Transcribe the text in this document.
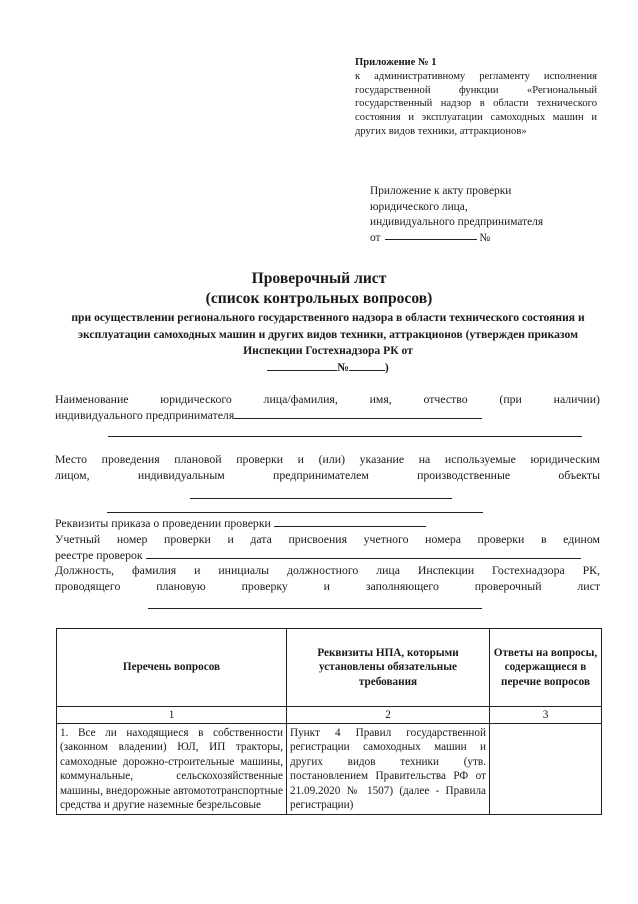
Приложение № 1
к административному регламенту исполнения государственной функции «Региональный государственный надзор в области технического состояния и эксплуатации самоходных машин и других видов техники, аттракционов»
Приложение к акту проверки
юридического лица,
индивидуального предпринимателя
от	№
Проверочный лист
(список контрольных вопросов)
при осуществлении регионального государственного надзора в области технического состояния и эксплуатации самоходных машин и других видов техники, аттракционов (утвержден приказом Инспекции Гостехнадзора РК от
№	)
Наименование юридического лица/фамилия, имя, отчество (при наличии)
индивидуального предпринимателя
Место проведения плановой проверки и (или) указание на используемые юридическим
лицом, индивидуальным предпринимателем производственные объекты
Реквизиты приказа о проведении проверки
Учетный номер проверки и дата присвоения учетного номера проверки в едином
реестре проверок
Должность, фамилия и инициалы должностного лица Инспекции Гостехнадзора РК,
проводящего плановую проверку и заполняющего проверочный лист
Перечень вопросов	Реквизиты НПА, которыми установлены обязательные требования	Ответы на вопросы, содержащиеся в перечне вопросов
1	2	3
1. Все ли находящиеся в собственности (законном владении) ЮЛ, ИП тракторы, самоходные дорожно-строительные машины, коммунальные, сельскохозяйственные машины, внедорожные автомототранспортные средства и другие наземные безрельсовые	Пункт 4 Правил государственной регистрации самоходных машин и других видов техники (утв. постановлением Правительства РФ от 21.09.2020 № 1507) (далее - Правила регистрации)	
